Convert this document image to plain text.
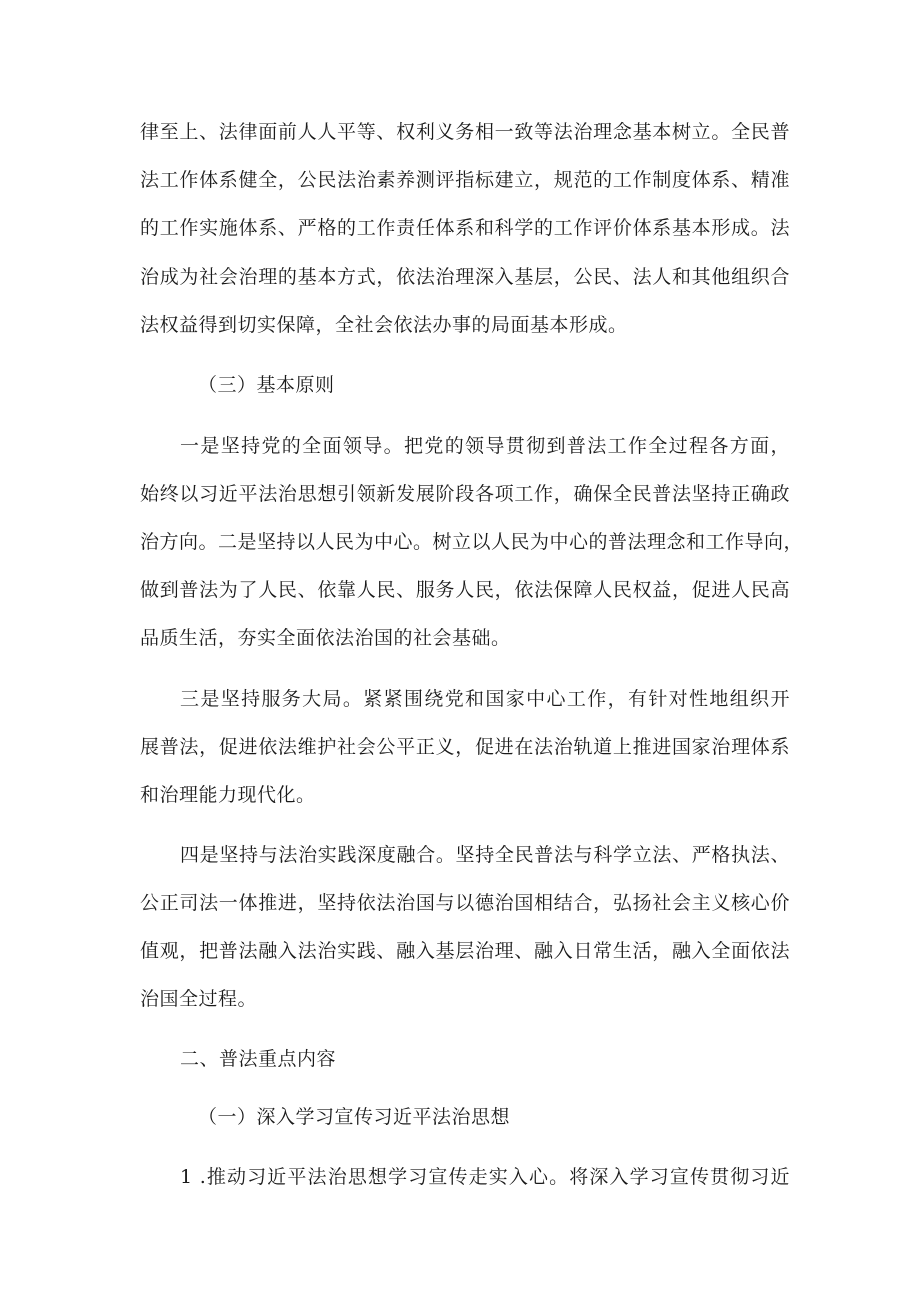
律至上、法律面前人人平等、权利义务相一致等法治理念基本树立。全民普
法工作体系健全，公民法治素养测评指标建立，规范的工作制度体系、精准
的工作实施体系、严格的工作责任体系和科学的工作评价体系基本形成。法
治成为社会治理的基本方式，依法治理深入基层，公民、法人和其他组织合
法权益得到切实保障，全社会依法办事的局面基本形成。
（三）基本原则
一是坚持党的全面领导。把党的领导贯彻到普法工作全过程各方面，
始终以习近平法治思想引领新发展阶段各项工作，确保全民普法坚持正确政
治方向。二是坚持以人民为中心。树立以人民为中心的普法理念和工作导向，
做到普法为了人民、依靠人民、服务人民，依法保障人民权益，促进人民高
品质生活，夯实全面依法治国的社会基础。
三是坚持服务大局。紧紧围绕党和国家中心工作，有针对性地组织开
展普法，促进依法维护社会公平正义，促进在法治轨道上推进国家治理体系
和治理能力现代化。
四是坚持与法治实践深度融合。坚持全民普法与科学立法、严格执法、
公正司法一体推进，坚持依法治国与以德治国相结合，弘扬社会主义核心价
值观，把普法融入法治实践、融入基层治理、融入日常生活，融入全面依法
治国全过程。
二、普法重点内容
（一）深入学习宣传习近平法治思想
1 .推动习近平法治思想学习宣传走实入心。将深入学习宣传贯彻习近
